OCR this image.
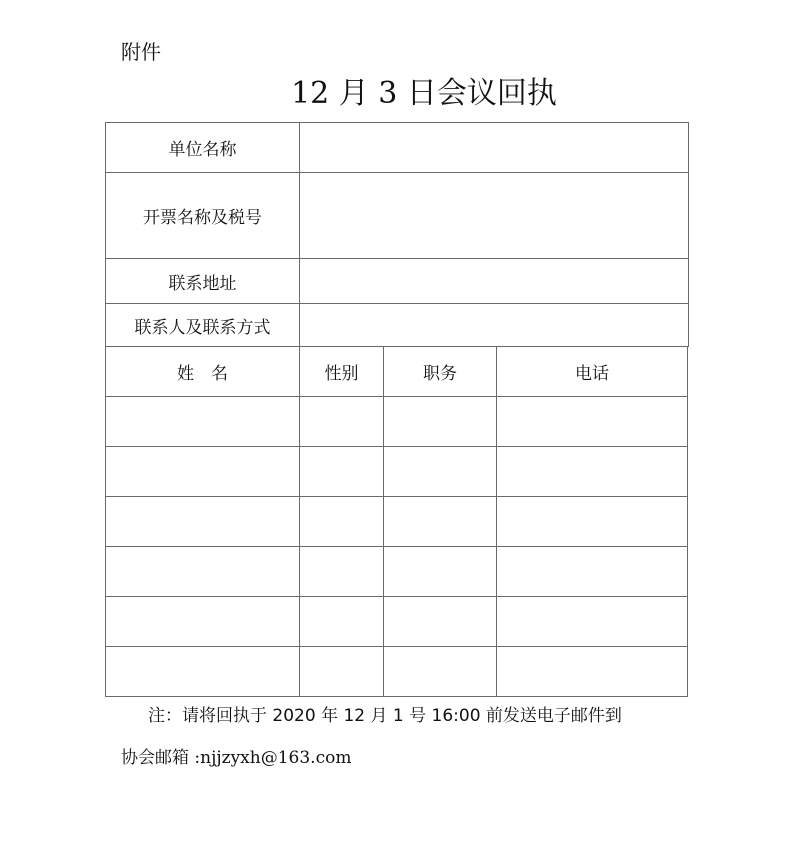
附件
12 月 3 日会议回执
单位名称	
开票名称及税号	
联系地址	
联系人及联系方式	
姓　名	性别	职务	电话

注：请将回执于 2020 年 12 月 1 号 16:00 前发送电子邮件到
协会邮箱 :njjzyxh@163.com
